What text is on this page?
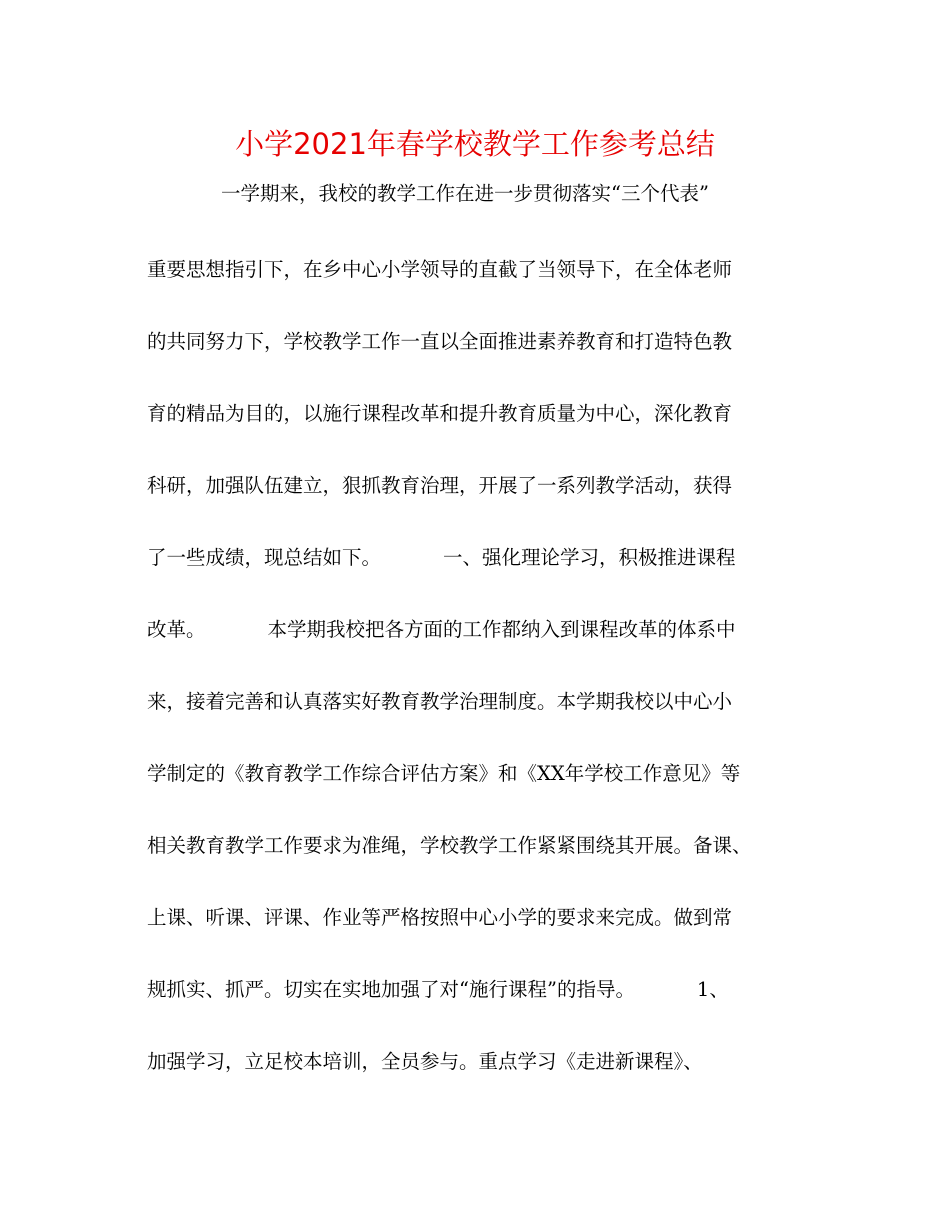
小学2021年春学校教学工作参考总结
一学期来，我校的教学工作在进一步贯彻落实“三个代表”
重要思想指引下，在乡中心小学领导的直截了当领导下，在全体老师
的共同努力下，学校教学工作一直以全面推进素养教育和打造特色教
育的精品为目的，以施行课程改革和提升教育质量为中心，深化教育
科研，加强队伍建立，狠抓教育治理，开展了一系列教学活动，获得
了一些成绩，现总结如下。          一、强化理论学习，积极推进课程
改革。          本学期我校把各方面的工作都纳入到课程改革的体系中
来，接着完善和认真落实好教育教学治理制度。本学期我校以中心小
学制定的《教育教学工作综合评估方案》和《XX年学校工作意见》等
相关教育教学工作要求为准绳，学校教学工作紧紧围绕其开展。备课、
上课、听课、评课、作业等严格按照中心小学的要求来完成。做到常
规抓实、抓严。切实在实地加强了对“施行课程”的指导。          1、
加强学习，立足校本培训，全员参与。重点学习《走进新课程》、
